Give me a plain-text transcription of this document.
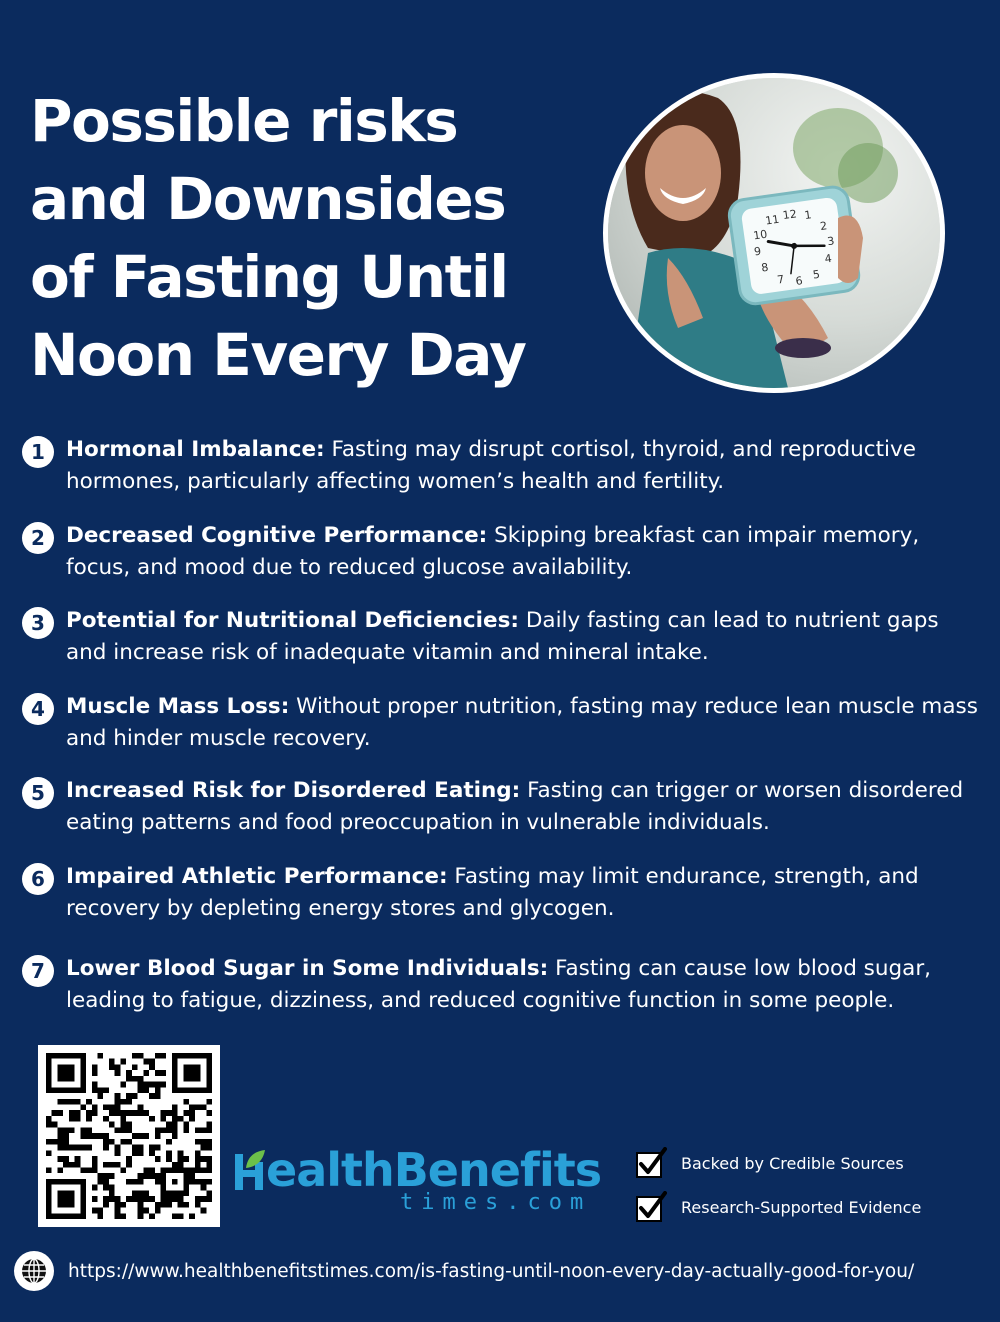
Possible risks
and Downsides
of Fasting Until
Noon Every Day
12 1
2
3
4
5
6
7
8
9
10
11
1 Hormonal Imbalance: Fasting may disrupt cortisol, thyroid, and reproductive hormones, particularly affecting women’s health and fertility.
2 Decreased Cognitive Performance: Skipping breakfast can impair memory, focus, and mood due to reduced glucose availability.
3 Potential for Nutritional Deficiencies: Daily fasting can lead to nutrient gaps and increase risk of inadequate vitamin and mineral intake.
4 Muscle Mass Loss: Without proper nutrition, fasting may reduce lean muscle mass and hinder muscle recovery.
5 Increased Risk for Disordered Eating: Fasting can trigger or worsen disordered eating patterns and food preoccupation in vulnerable individuals.
6 Impaired Athletic Performance: Fasting may limit endurance, strength, and recovery by depleting energy stores and glycogen.
7 Lower Blood Sugar in Some Individuals: Fasting can cause low blood sugar, leading to fatigue, dizziness, and reduced cognitive function in some people.
ealthBenefits
times.com
Backed by Credible Sources
Research-Supported Evidence
https://www.healthbenefitstimes.com/is-fasting-until-noon-every-day-actually-good-for-you/
